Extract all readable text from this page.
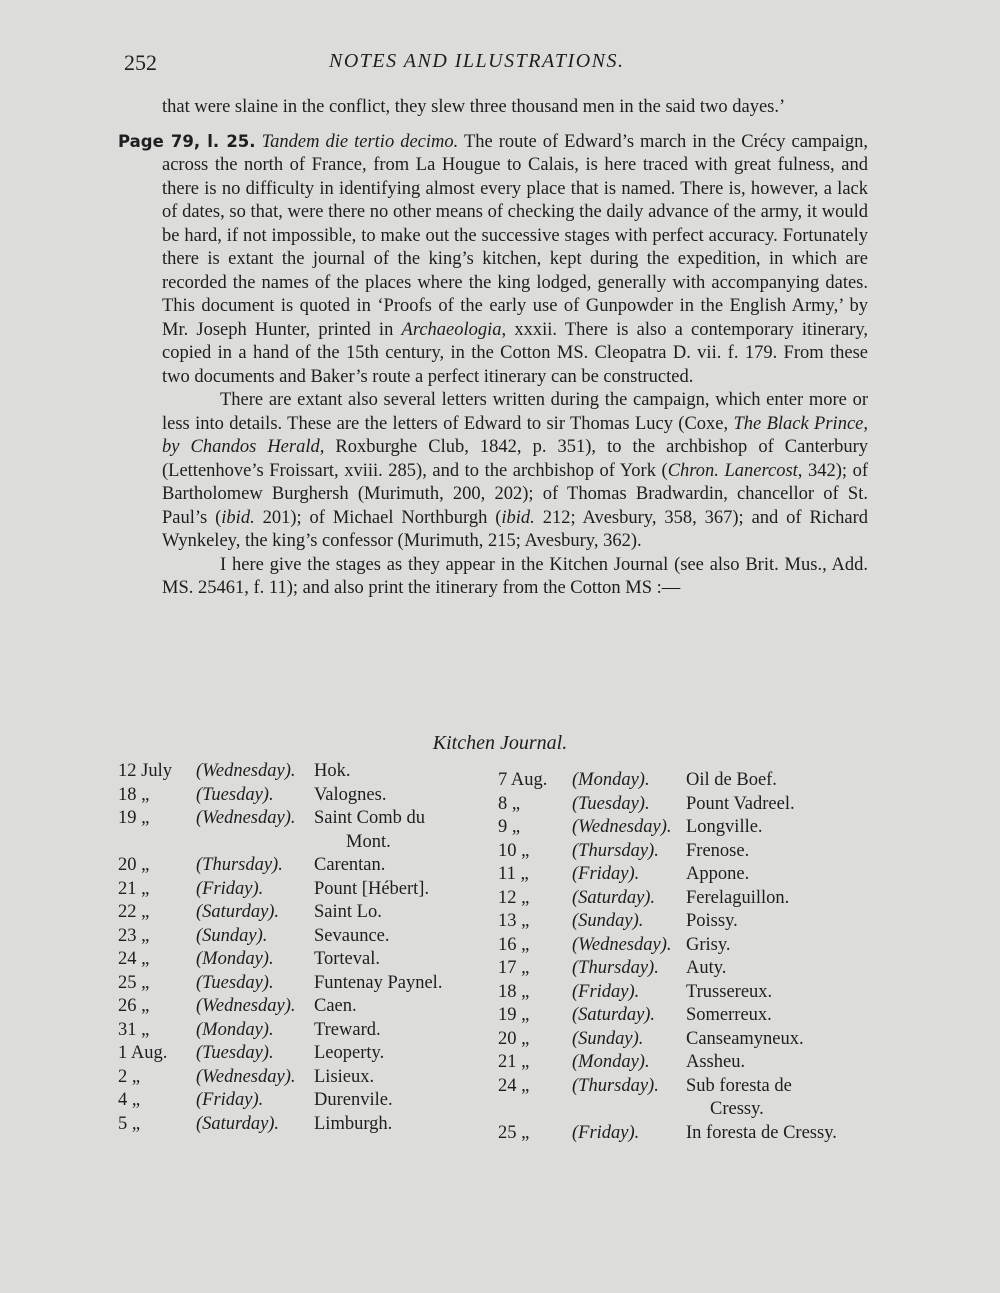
252	NOTES AND ILLUSTRATIONS.

that were slaine in the conflict, they slew three thousand men in the said two dayes.’

Page 79, l. 25. Tandem die tertio decimo. The route of Edward’s march in the Crécy campaign, across the north of France, from La Hougue to Calais, is here traced with great fulness, and there is no difficulty in identifying almost every place that is named. There is, however, a lack of dates, so that, were there no other means of checking the daily advance of the army, it would be hard, if not impossible, to make out the successive stages with perfect accuracy. Fortunately there is extant the journal of the king’s kitchen, kept during the expedition, in which are recorded the names of the places where the king lodged, generally with accompanying dates. This document is quoted in ‘Proofs of the early use of Gunpowder in the English Army,’ by Mr. Joseph Hunter, printed in Archaeologia, xxxii. There is also a contemporary itinerary, copied in a hand of the 15th century, in the Cotton MS. Cleopatra D. vii. f. 179. From these two documents and Baker’s route a perfect itinerary can be constructed.

There are extant also several letters written during the campaign, which enter more or less into details. These are the letters of Edward to sir Thomas Lucy (Coxe, The Black Prince, by Chandos Herald, Roxburghe Club, 1842, p. 351), to the archbishop of Canterbury (Lettenhove’s Froissart, xviii. 285), and to the archbishop of York (Chron. Lanercost, 342); of Bartholomew Burghersh (Murimuth, 200, 202); of Thomas Bradwardin, chancellor of St. Paul’s (ibid. 201); of Michael Northburgh (ibid. 212; Avesbury, 358, 367); and of Richard Wynkeley, the king’s confessor (Murimuth, 215; Avesbury, 362).

I here give the stages as they appear in the Kitchen Journal (see also Brit. Mus., Add. MS. 25461, f. 11); and also print the itinerary from the Cotton MS :—

Kitchen Journal.
12 July	(Wednesday). Hok.
18 „	(Tuesday). Valognes.
19 „	(Wednesday). Saint Comb du
Mont.
20 „	(Thursday). Carentan.
21 „	(Friday).	Pount [Hébert].
22 „	(Saturday). Saint Lo.
23 „	(Sunday).	Sevaunce.
24 „	(Monday). Torteval.
25 „	(Tuesday). Funtenay Paynel.
26 „	(Wednesday). Caen.
31 „	(Monday). Treward.
1 Aug.	(Tuesday). Leoperty.
2 „	(Wednesday). Lisieux.
4 „	(Friday).	Durenvile.
5 „	(Saturday). Limburgh.
7 Aug.	(Monday). Oil de Boef.
8 „	(Tuesday). Pount Vadreel.
9 „	(Wednesday). Longville.
10 „	(Thursday). Frenose.
11 „	(Friday).	Appone.
12 „	(Saturday). Ferelaguillon.
13 „	(Sunday). Poissy.
16 „	(Wednesday). Grisy.
17 „	(Thursday). Auty.
18 „	(Friday).	Trussereux.
19 „	(Saturday). Somerreux.
20 „	(Sunday). Canseamyneux.
21 „	(Monday). Assheu.
24 „	(Thursday). Sub foresta de
Cressy.
25 „	(Friday).	In foresta de Cressy.
